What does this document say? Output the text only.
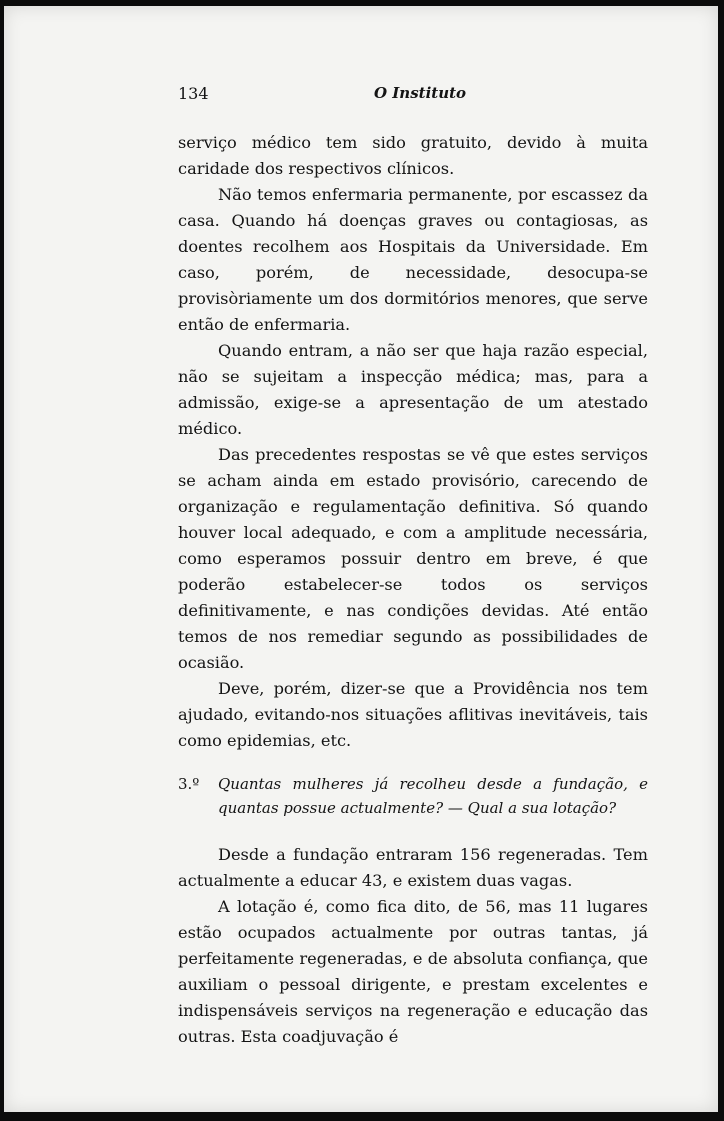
134	O Instituto

serviço médico tem sido gratuito, devido à muita caridade dos respectivos clínicos.

Não temos enfermaria permanente, por escassez da casa. Quando há doenças graves ou contagiosas, as doentes recolhem aos Hospitais da Universidade. Em caso, porém, de necessidade, desocupa-se provisòriamente um dos dormitórios menores, que serve então de enfermaria.

Quando entram, a não ser que haja razão especial, não se sujeitam a inspecção médica; mas, para a admissão, exige-se a apresentação de um atestado médico.

Das precedentes respostas se vê que estes serviços se acham ainda em estado provisório, carecendo de organização e regulamentação definitiva. Só quando houver local adequado, e com a amplitude necessária, como esperamos possuir dentro em breve, é que poderão estabelecer-se todos os serviços definitivamente, e nas condições devidas. Até então temos de nos remediar segundo as possibilidades de ocasião.

Deve, porém, dizer-se que a Providência nos tem ajudado, evitando-nos situações aflitivas inevitáveis, tais como epidemias, etc.

3.º Quantas mulheres já recolheu desde a fundação, e quantas possue actualmente? — Qual a sua lotação?

Desde a fundação entraram 156 regeneradas. Tem actualmente a educar 43, e existem duas vagas.

A lotação é, como fica dito, de 56, mas 11 lugares estão ocupados actualmente por outras tantas, já perfeitamente regeneradas, e de absoluta confiança, que auxiliam o pessoal dirigente, e prestam excelentes e indispensáveis serviços na regeneração e educação das outras. Esta coadjuvação é
